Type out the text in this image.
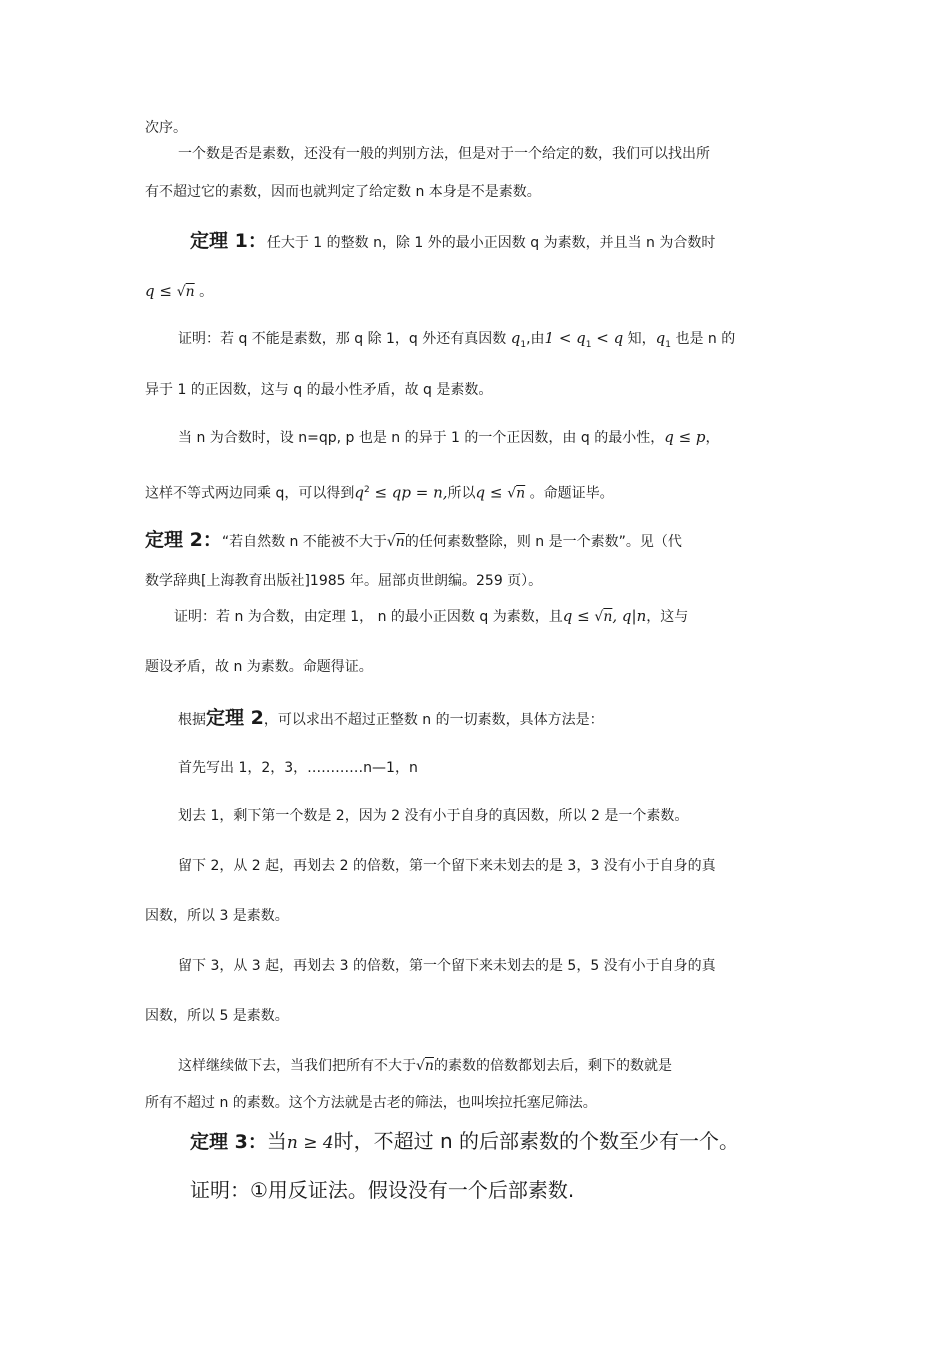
次序。
一个数是否是素数，还没有一般的判别方法，但是对于一个给定的数，我们可以找出所
有不超过它的素数，因而也就判定了给定数 n 本身是不是素数。
定理 1：任大于 1 的整数 n，除 1 外的最小正因数 q 为素数，并且当 n 为合数时
q ≤ √n 。
证明：若 q 不能是素数，那 q 除 1，q 外还有真因数 $q_1$,由$1 < q_1 < q$ 知，$q_1$ 也是 n 的
异于 1 的正因数，这与 q 的最小性矛盾，故 q 是素数。
当 n 为合数时，设 n=qp, p 也是 n 的异于 1 的一个正因数，由 q 的最小性，q ≤ p，
这样不等式两边同乘 q，可以得到$q^2$ ≤ qp = n,所以q ≤ √n 。命题证毕。
定理 2：“若自然数 n 不能被不大于√n的任何素数整除，则 n 是一个素数”。见（代
数学辞典[上海教育出版社]1985 年。屈部贞世朗编。259 页）。
证明：若 n 为合数，由定理 1， n 的最小正因数 q 为素数，且q ≤ √n, q|n，这与
题设矛盾，故 n 为素数。命题得证。
根据定理 2，可以求出不超过正整数 n 的一切素数，具体方法是：
首先写出 1，2，3，…………n—1，n
划去 1，剩下第一个数是 2，因为 2 没有小于自身的真因数，所以 2 是一个素数。
留下 2，从 2 起，再划去 2 的倍数，第一个留下来未划去的是 3，3 没有小于自身的真
因数，所以 3 是素数。
留下 3，从 3 起，再划去 3 的倍数，第一个留下来未划去的是 5，5 没有小于自身的真
因数，所以 5 是素数。
这样继续做下去，当我们把所有不大于√n的素数的倍数都划去后，剩下的数就是
所有不超过 n 的素数。这个方法就是古老的筛法，也叫埃拉托塞尼筛法。
定理 3：当n ≥ 4时，不超过 n 的后部素数的个数至少有一个。
证明：①用反证法。假设没有一个后部素数.
